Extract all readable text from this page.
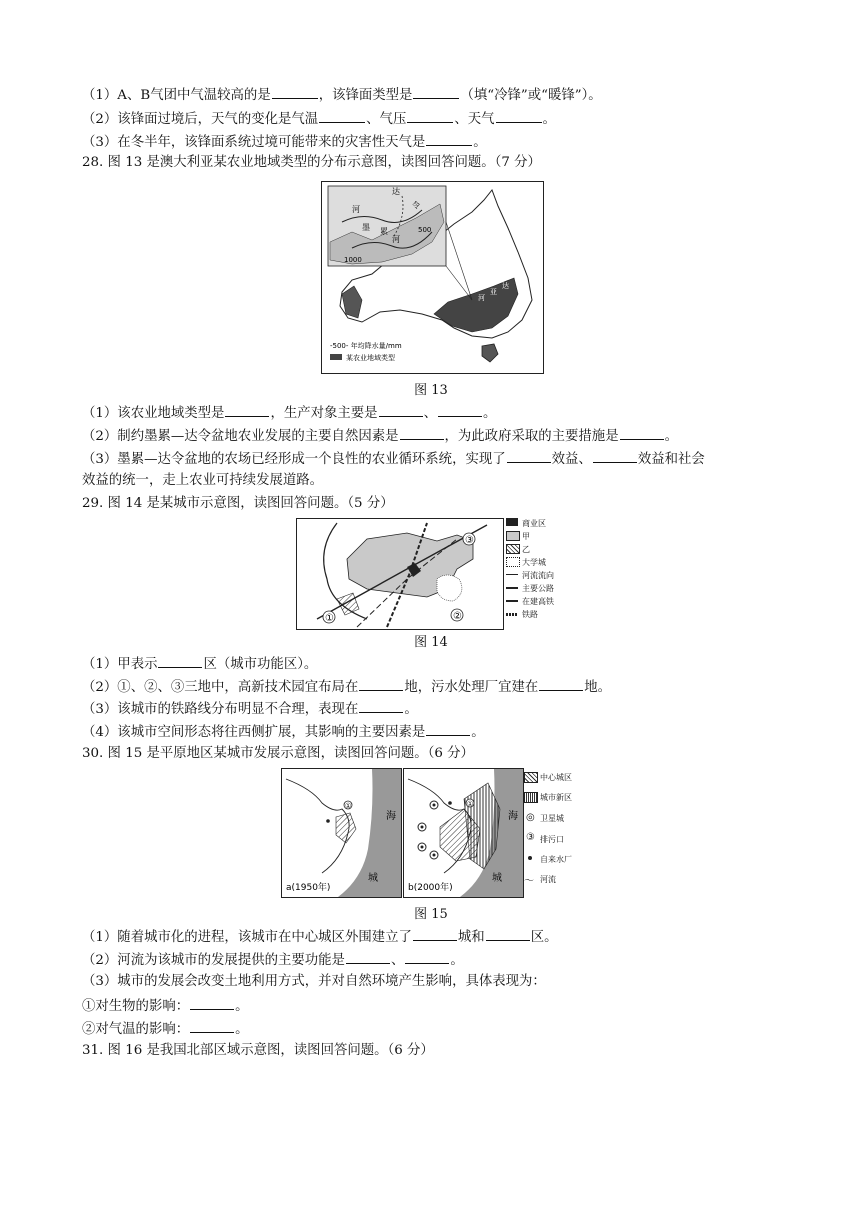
（1）A、B气团中气温较高的是	，该锋面类型是	（填“冷锋”或“暖锋”）。
（2）该锋面过境后，天气的变化是气温	、气压	、天气	。
（3）在冬半年，该锋面系统过境可能带来的灾害性天气是	。
28. 图 13 是澳大利亚某农业地域类型的分布示意图，读图回答问题。（7 分）
达
河
墨 累
河
令
1000
500
河
亚
达
-500- 年均降水量/mm
某农业地域类型
图 13
（1）该农业地域类型是	，生产对象主要是	、	。
（2）制约墨累—达令盆地农业发展的主要自然因素是	，为此政府采取的主要措施是	。
（3）墨累—达令盆地的农场已经形成一个良性的农业循环系统，实现了	效益、	效益和社会
效益的统一，走上农业可持续发展道路。
29. 图 14 是某城市示意图，读图回答问题。（5 分）
①	②
③
商业区
甲
乙
大学城
河流流向
主要公路
在建高铁
铁路
图 14
（1）甲表示	区（城市功能区）。
（2）①、②、③三地中，高新技术园宜布局在	地，污水处理厂宜建在	地。
（3）该城市的铁路线分布明显不合理，表现在	。
（4）该城市空间形态将往西侧扩展，其影响的主要因素是	。
30. 图 15 是平原地区某城市发展示意图，读图回答问题。（6 分）
①
海
城
a(1950年)
①
海
城
b(2000年)
中心城区
城市新区
◎ 卫星城
③ 排污口
自来水厂
〜 河流
图 15
（1）随着城市化的进程，该城市在中心城区外围建立了	城和	区。
（2）河流为该城市的发展提供的主要功能是	、	。
（3）城市的发展会改变土地利用方式，并对自然环境产生影响，具体表现为：
①对生物的影响：	。
②对气温的影响：	。
31. 图 16 是我国北部区域示意图，读图回答问题。（6 分）
